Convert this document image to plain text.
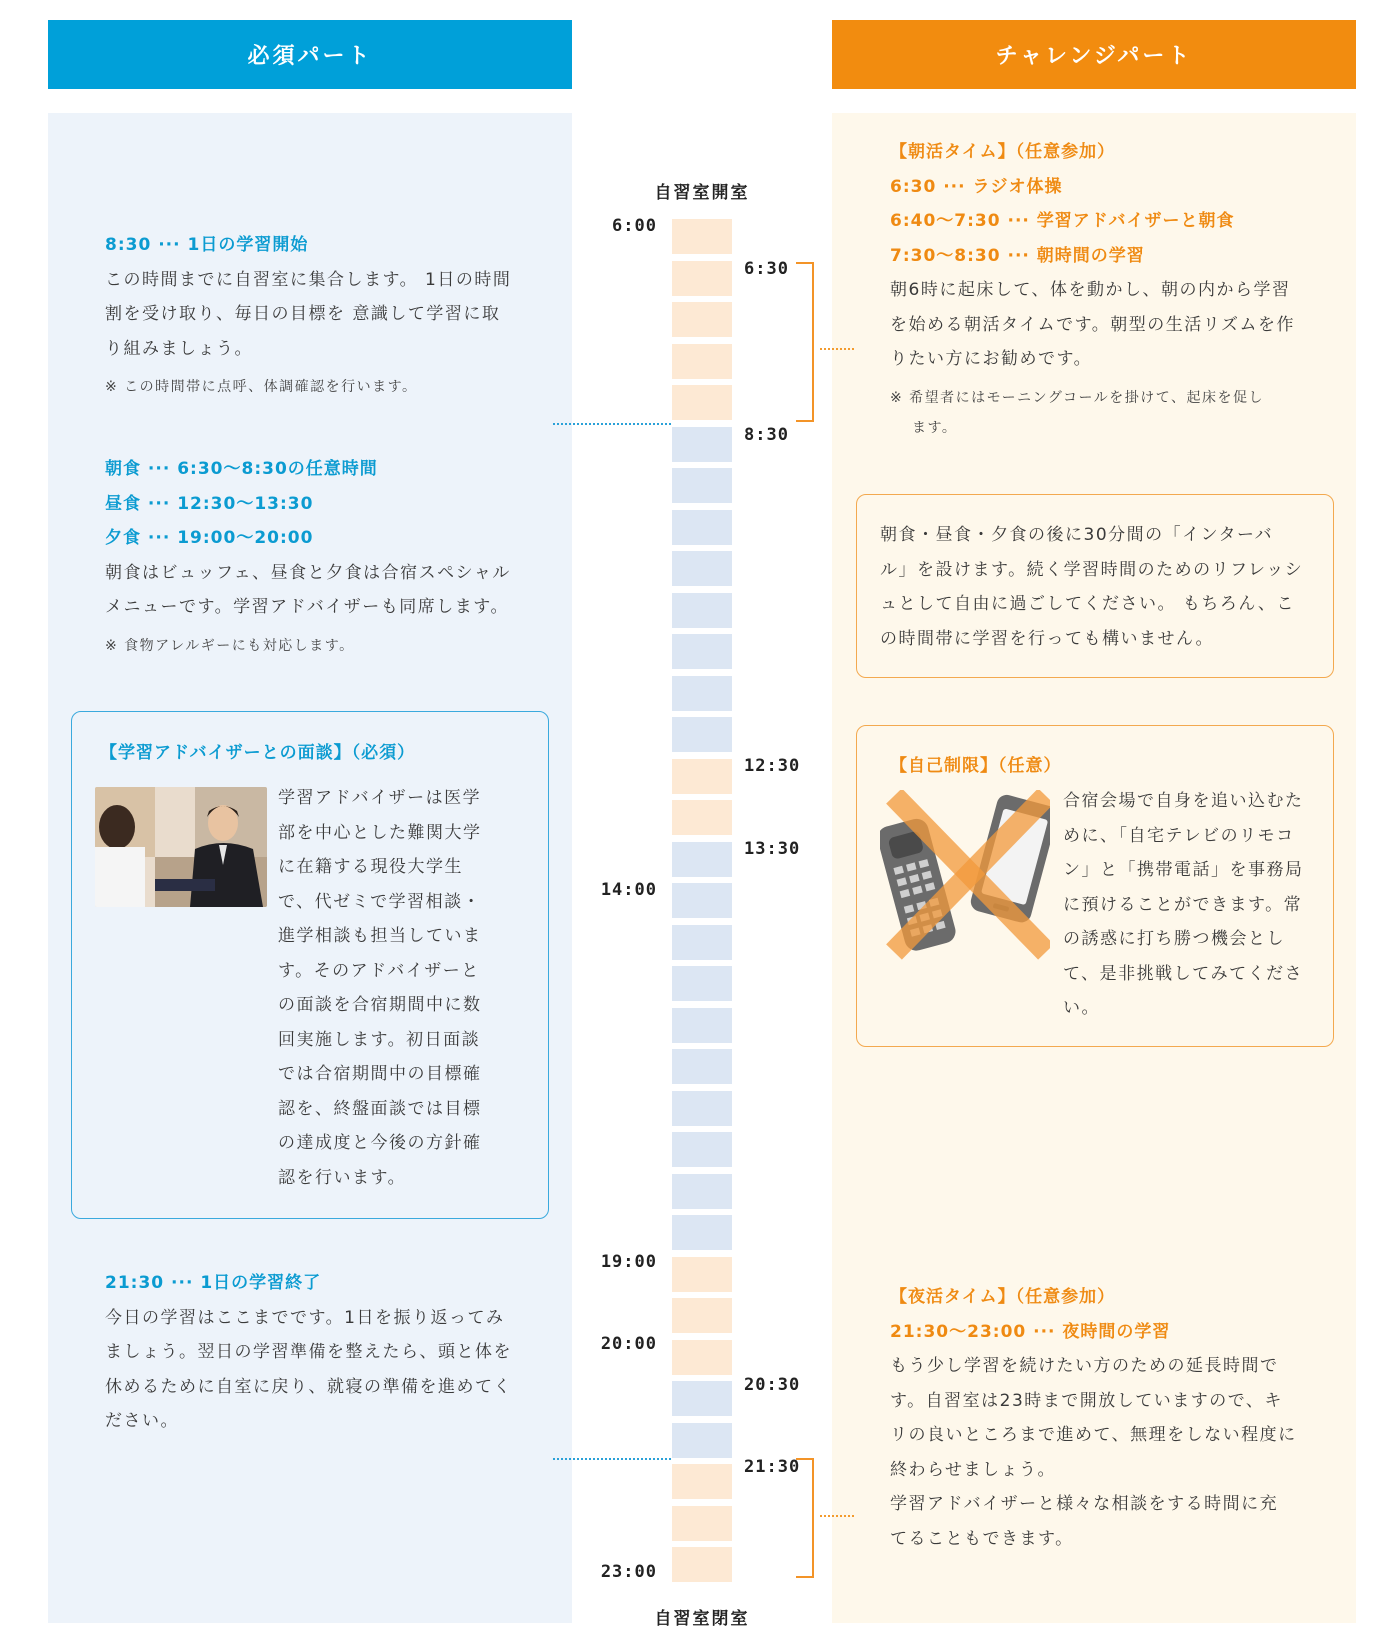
必須パート	チャレンジパート
自習室開室
自習室閉室
6:00
14:00
19:00
20:00
23:00
6:30
8:30
12:30
13:30
20:30
21:30
8:30 ··· 1日の学習開始
この時間までに自習室に集合します。 1日の時間
割を受け取り、毎日の目標を 意識して学習に取
り組みましょう。
※ この時間帯に点呼、体調確認を行います。
朝食 ··· 6:30〜8:30の任意時間
昼食 ··· 12:30〜13:30
夕食 ··· 19:00〜20:00
朝食はビュッフェ、昼食と夕食は合宿スペシャル
メニューです。学習アドバイザーも同席します。
※ 食物アレルギーにも対応します。
【学習アドバイザーとの面談】（必須）
学習アドバイザーは医学
部を中心とした難関大学
に在籍する現役大学生
で、代ゼミで学習相談・
進学相談も担当していま
す。そのアドバイザーと
の面談を合宿期間中に数
回実施します。初日面談
では合宿期間中の目標確
認を、終盤面談では目標
の達成度と今後の方針確
認を行います。
21:30 ··· 1日の学習終了
今日の学習はここまでです。1日を振り返ってみ
ましょう。翌日の学習準備を整えたら、頭と体を
休めるために自室に戻り、就寝の準備を進めてく
ださい。
【朝活タイム】（任意参加）
6:30 ··· ラジオ体操
6:40〜7:30 ··· 学習アドバイザーと朝食
7:30〜8:30 ··· 朝時間の学習
朝6時に起床して、体を動かし、朝の内から学習
を始める朝活タイムです。朝型の生活リズムを作
りたい方にお勧めです。
※ 希望者にはモーニングコールを掛けて、起床を促し
ます。
朝食・昼食・夕食の後に30分間の「インターバ
ル」を設けます。続く学習時間のためのリフレッシ
ュとして自由に過ごしてください。 もちろん、こ
の時間帯に学習を行っても構いません。
【自己制限】（任意）
合宿会場で自身を追い込むた
めに、「自宅テレビのリモコ
ン」と「携帯電話」を事務局
に預けることができます。常
の誘惑に打ち勝つ機会とし
て、是非挑戦してみてくださ
い。
【夜活タイム】（任意参加）
21:30〜23:00 ··· 夜時間の学習
もう少し学習を続けたい方のための延長時間で
す。自習室は23時まで開放していますので、キ
リの良いところまで進めて、無理をしない程度に
終わらせましょう。
学習アドバイザーと様々な相談をする時間に充
てることもできます。
